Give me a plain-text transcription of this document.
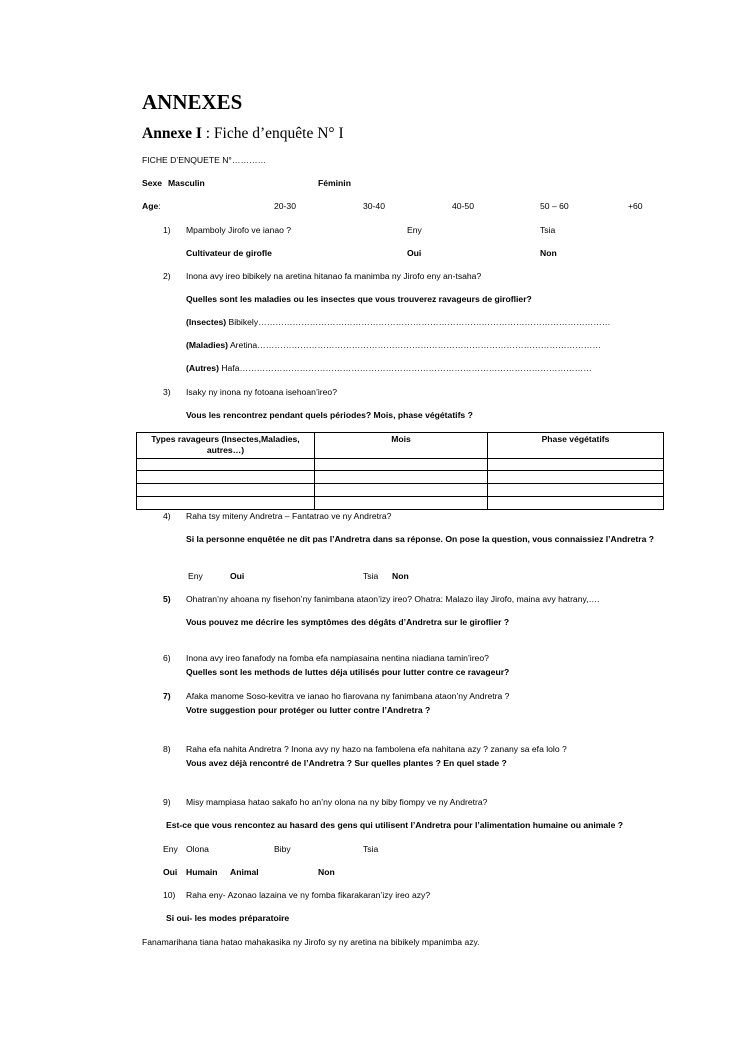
ANNEXES
Annexe I : Fiche d’enquête N° I
FICHE D’ENQUETE N°…………
Sexe Masculin	Féminin
Age:	20-30	30-40	40-50	50 – 60	+60
1) Mpamboly Jirofo ve ianao ?	Eny	Tsia
Cultivateur de girofle	Oui	Non
2) Inona avy ireo bibikely na aretina hitanao fa manimba ny Jirofo eny an-tsaha?
Quelles sont les maladies ou les insectes que vous trouverez ravageurs de giroflier?
(Insectes) Bibikely……………………………………………………………………………………………………………
(Maladies) Aretina…………………………………………………………………………………………………………
(Autres) Hafa……………………………………………………………………………………………………………
3) Isaky ny inona ny fotoana isehoan’ireo?
Vous les rencontrez pendant quels périodes? Mois, phase végétatifs ?
Types ravageurs (Insectes,Maladies, autres…)	Mois	Phase végétatifs

4) Raha tsy miteny Andretra – Fantatrao ve ny Andretra?
Si la personne enquêtée ne dit pas l’Andretra dans sa réponse. On pose la question, vous connaissiez l’Andretra ?
Eny	Oui	Tsia Non
5) Ohatran’ny ahoana ny fisehon’ny fanimbana ataon’izy ireo? Ohatra: Malazo ilay Jirofo, maina avy hatrany,….
Vous pouvez me décrire les symptômes des dégâts d’Andretra sur le giroflier ?
6) Inona avy ireo fanafody na fomba efa nampiasaina nentina niadiana tamin’ireo?
Quelles sont les methods de luttes déja utilisés pour lutter contre ce ravageur?
7) Afaka manome Soso-kevitra ve ianao ho fiarovana ny fanimbana ataon’ny Andretra ?
Votre suggestion pour protéger ou lutter contre l’Andretra ?
8) Raha efa nahita Andretra ? Inona avy ny hazo na fambolena efa nahitana azy ? zanany sa efa lolo ?
Vous avez déjà rencontré de l’Andretra ? Sur quelles plantes ? En quel stade ?
9) Misy mampiasa hatao sakafo ho an’ny olona na ny biby fiompy ve ny Andretra?
Est-ce que vous rencontez au hasard des gens qui utilisent l’Andretra pour l’alimentation humaine ou animale ?
Eny Olona	Biby	Tsia
Oui Humain Animal	Non
10) Raha eny- Azonao lazaina ve ny fomba fikarakaran’izy ireo azy?
Si oui- les modes préparatoire
Fanamarihana tiana hatao mahakasika ny Jirofo sy ny aretina na bibikely mpanimba azy.
